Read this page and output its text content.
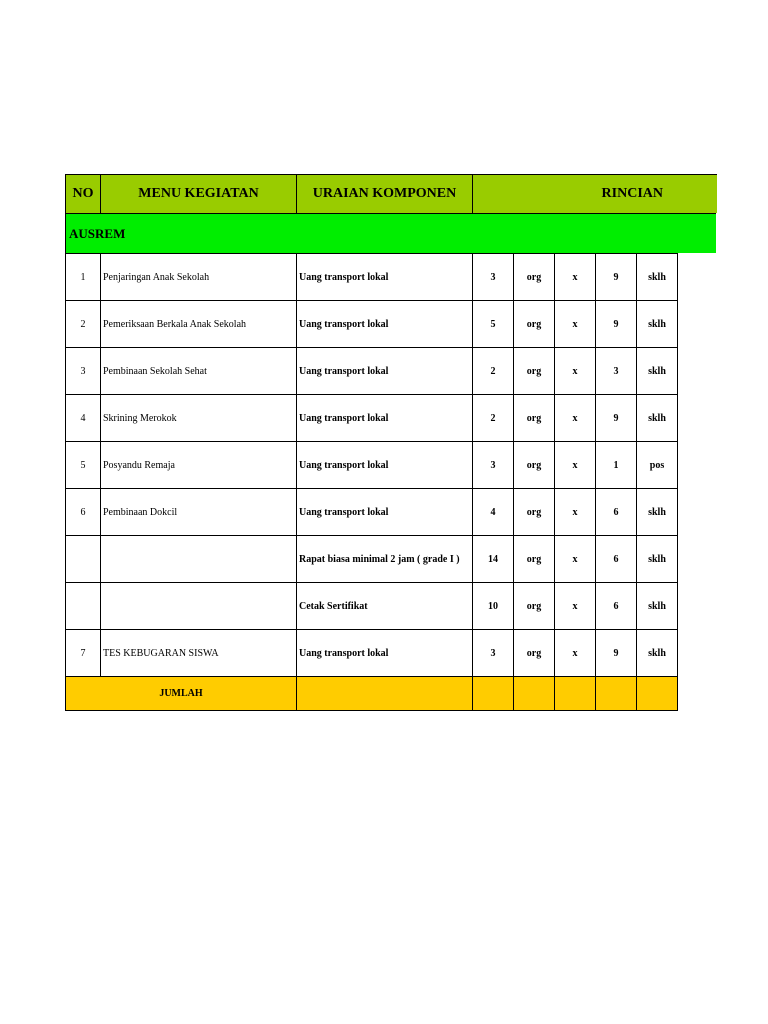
NO	MENU KEGIATAN	URAIAN KOMPONEN	RINCIAN
AUSREM
1	Penjaringan Anak Sekolah	Uang transport lokal	3	org	x	9	sklh
2	Pemeriksaan Berkala Anak Sekolah	Uang transport lokal	5	org	x	9	sklh
3	Pembinaan Sekolah Sehat	Uang transport lokal	2	org	x	3	sklh
4	Skrining Merokok	Uang transport lokal	2	org	x	9	sklh
5	Posyandu Remaja	Uang transport lokal	3	org	x	1	pos
6	Pembinaan Dokcil	Uang transport lokal	4	org	x	6	sklh
		Rapat biasa minimal 2 jam ( grade I )	14	org	x	6	sklh
		Cetak Sertifikat	10	org	x	6	sklh
7	TES KEBUGARAN SISWA	Uang transport lokal	3	org	x	9	sklh
JUMLAH							
